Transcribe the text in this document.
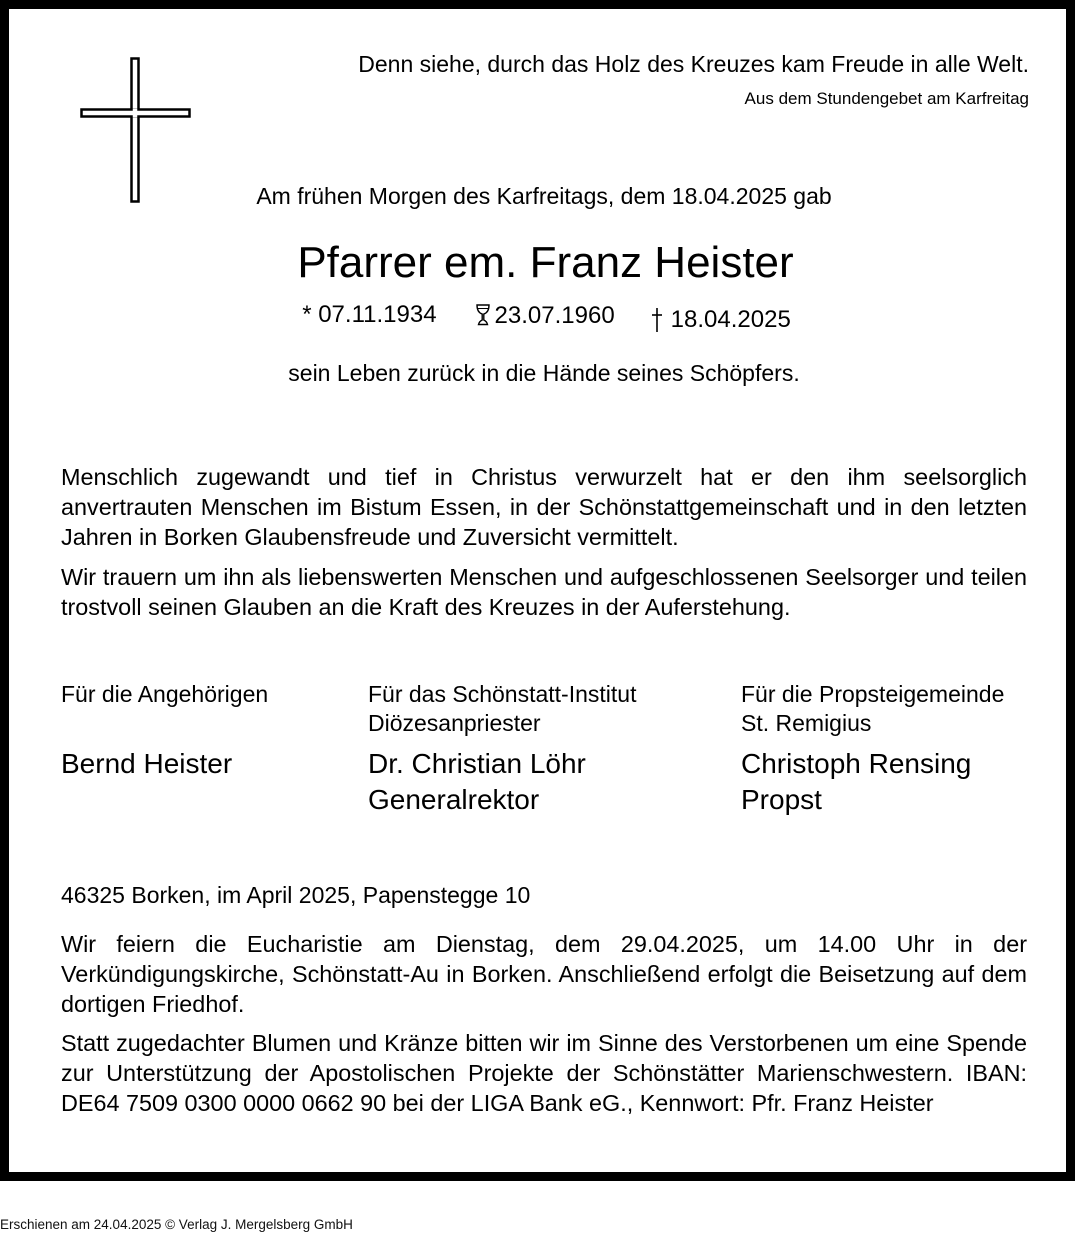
Denn siehe, durch das Holz des Kreuzes kam Freude in alle Welt.
Aus dem Stundengebet am Karfreitag
Am frühen Morgen des Karfreitags, dem 18.04.2025 gab
Pfarrer em. Franz Heister
*
07.11.1934 23.07.1960 18.04.2025
sein Leben zurück in die Hände seines Schöpfers.
Menschlich zugewandt und tief in Christus verwurzelt hat er den ihm seelsorglich anvertrauten Menschen im Bistum Essen, in der Schönstattgemeinschaft und in den letzten Jahren in Borken Glaubensfreude und Zuversicht vermittelt.
Wir trauern um ihn als liebenswerten Menschen und aufgeschlossenen Seelsorger und teilen trostvoll seinen Glauben an die Kraft des Kreuzes in der Auferstehung.
Für die Angehörigen

Bernd Heister
Für das Schönstatt-Institut
Diözesanpriester
Dr. Christian Löhr
Generalrektor
Für die Propsteigemeinde
St. Remigius
Christoph Rensing
Propst
46325 Borken, im April 2025, Papenstegge 10
Wir feiern die Eucharistie am Dienstag, dem 29.04.2025, um 14.00 Uhr in der Verkündigungskirche, Schönstatt-Au in Borken. Anschließend erfolgt die Beisetzung auf dem dortigen Friedhof.
Statt zugedachter Blumen und Kränze bitten wir im Sinne des Verstorbenen um eine Spende zur Unterstützung der Apostolischen Projekte der Schönstätter Marienschwestern. IBAN: DE64 7509 0300 0000 0662 90 bei der LIGA Bank eG., Kennwort: Pfr. Franz Heister
Erschienen am 24.04.2025 © Verlag J. Mergelsberg GmbH
